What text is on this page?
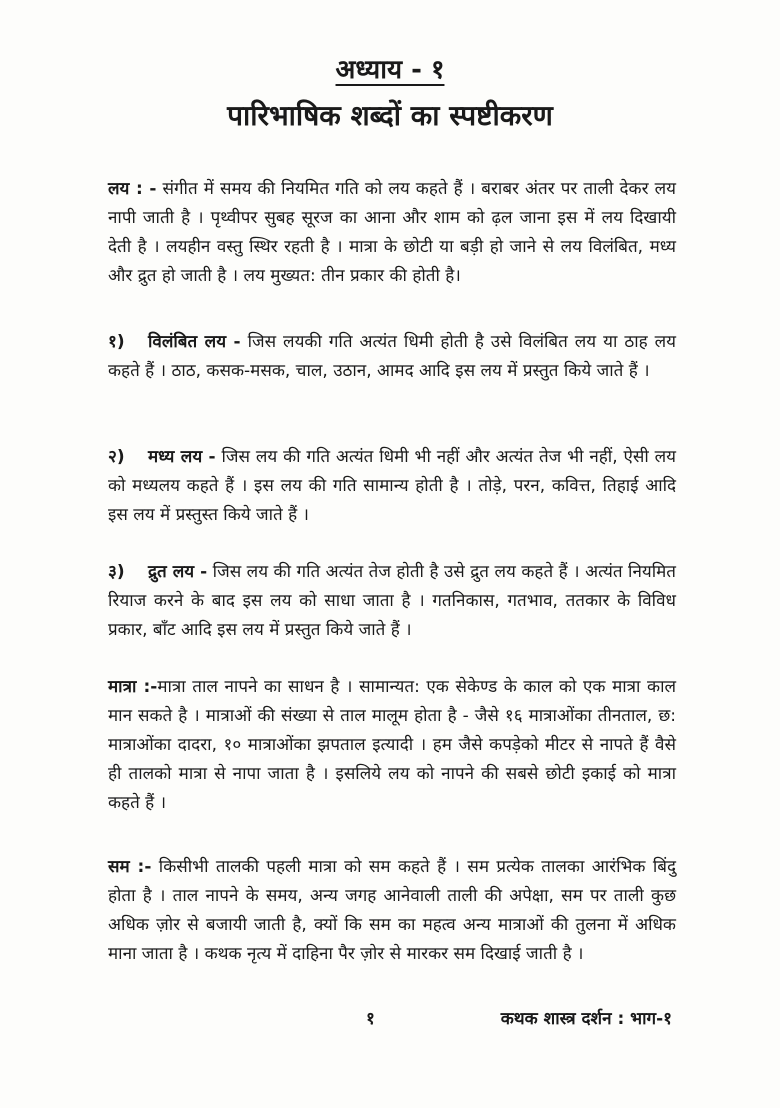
अध्याय - १
पारिभाषिक शब्दों का स्पष्टीकरण

लय : - संगीत में समय की नियमित गति को लय कहते हैं । बराबर अंतर पर ताली देकर लय नापी जाती है । पृथ्वीपर सुबह सूरज का आना और शाम को ढ़ल जाना इस में लय दिखायी देती है । लयहीन वस्तु स्थिर रहती है । मात्रा के छोटी या बड़ी हो जाने से लय विलंबित, मध्य और द्रुत हो जाती है । लय मुख्यत: तीन प्रकार की होती है।

१) विलंबित लय - जिस लयकी गति अत्यंत धिमी होती है उसे विलंबित लय या ठाह लय कहते हैं । ठाठ, कसक-मसक, चाल, उठान, आमद आदि इस लय में प्रस्तुत किये जाते हैं ।

२) मध्य लय - जिस लय की गति अत्यंत धिमी भी नहीं और अत्यंत तेज भी नहीं, ऐसी लय को मध्यलय कहते हैं । इस लय की गति सामान्य होती है । तोड़े, परन, कवित्त, तिहाई आदि इस लय में प्रस्तुस्त किये जाते हैं ।

३) द्रुत लय - जिस लय की गति अत्यंत तेज होती है उसे द्रुत लय कहते हैं । अत्यंत नियमित रियाज करने के बाद इस लय को साधा जाता है । गतनिकास, गतभाव, ततकार के विविध प्रकार, बाँट आदि इस लय में प्रस्तुत किये जाते हैं ।

मात्रा :-मात्रा ताल नापने का साधन है । सामान्यत: एक सेकेण्ड के काल को एक मात्रा काल मान सकते है । मात्राओं की संख्या से ताल मालूम होता है - जैसे १६ मात्राओंका तीनताल, छ: मात्राओंका दादरा, १० मात्राओंका झपताल इत्यादी । हम जैसे कपड़ेको मीटर से नापते हैं वैसे ही तालको मात्रा से नापा जाता है । इसलिये लय को नापने की सबसे छोटी इकाई को मात्रा कहते हैं ।

सम :- किसीभी तालकी पहली मात्रा को सम कहते हैं । सम प्रत्येक तालका आरंभिक बिंदु होता है । ताल नापने के समय, अन्य जगह आनेवाली ताली की अपेक्षा, सम पर ताली कुछ अधिक ज़ोर से बजायी जाती है, क्यों कि सम का महत्व अन्य मात्राओं की तुलना में अधिक माना जाता है । कथक नृत्य में दाहिना पैर ज़ोर से मारकर सम दिखाई जाती है ।

१	कथक शास्त्र दर्शन : भाग-१
